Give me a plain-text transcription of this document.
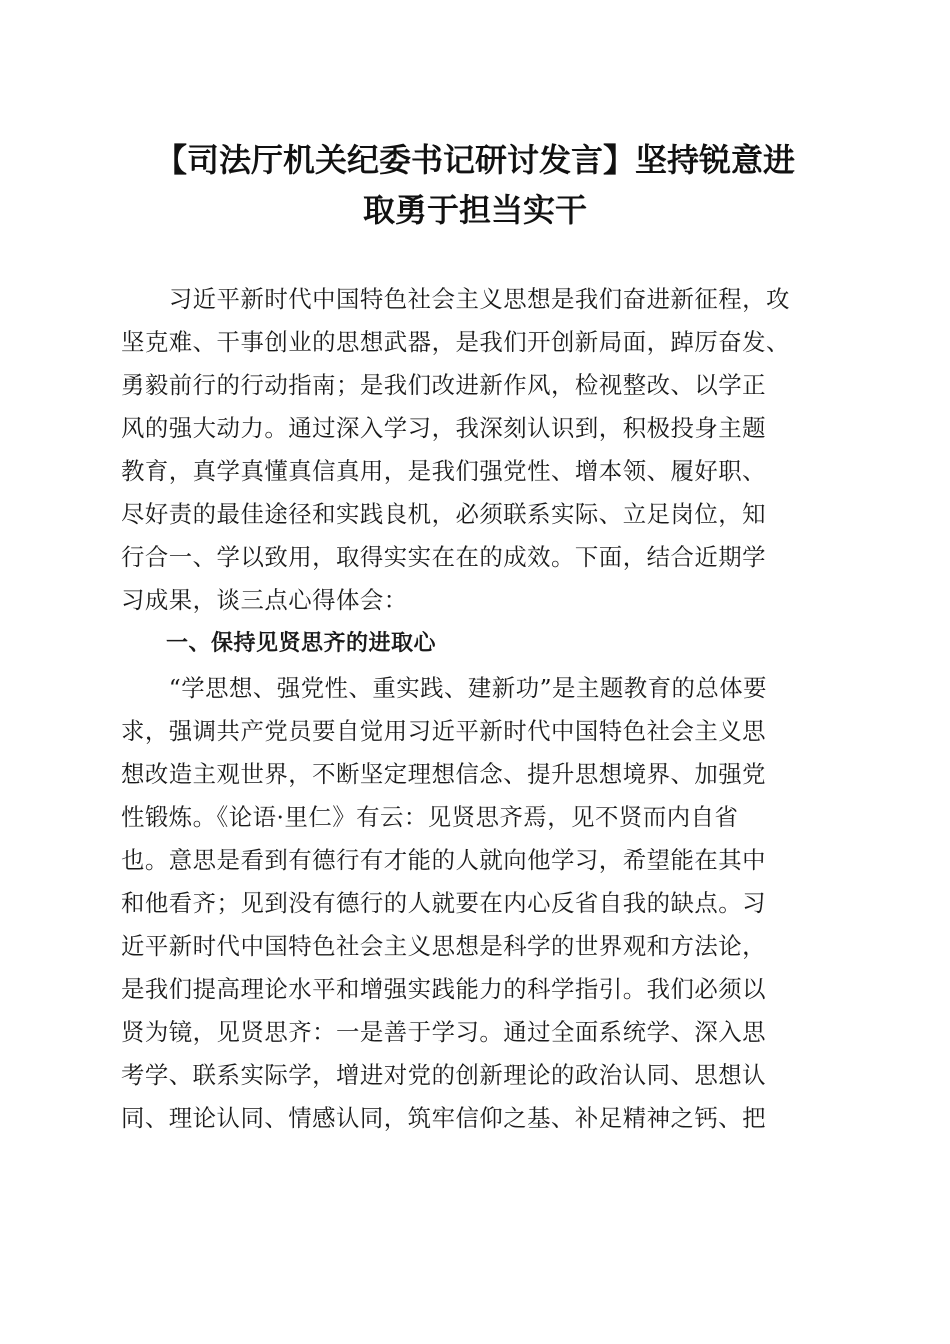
【司法厅机关纪委书记研讨发言】坚持锐意进
取勇于担当实干
　　习近平新时代中国特色社会主义思想是我们奋进新征程，攻
坚克难、干事创业的思想武器，是我们开创新局面，踔厉奋发、
勇毅前行的行动指南；是我们改进新作风，检视整改、以学正
风的强大动力。通过深入学习，我深刻认识到，积极投身主题
教育，真学真懂真信真用，是我们强党性、增本领、履好职、
尽好责的最佳途径和实践良机，必须联系实际、立足岗位，知
行合一、学以致用，取得实实在在的成效。下面，结合近期学
习成果，谈三点心得体会：
　　一、保持见贤思齐的进取心
　　“学思想、强党性、重实践、建新功”是主题教育的总体要
求，强调共产党员要自觉用习近平新时代中国特色社会主义思
想改造主观世界，不断坚定理想信念、提升思想境界、加强党
性锻炼。《论语·里仁》有云：见贤思齐焉，见不贤而内自省
也。意思是看到有德行有才能的人就向他学习，希望能在其中
和他看齐；见到没有德行的人就要在内心反省自我的缺点。习
近平新时代中国特色社会主义思想是科学的世界观和方法论，
是我们提高理论水平和增强实践能力的科学指引。我们必须以
贤为镜，见贤思齐：一是善于学习。通过全面系统学、深入思
考学、联系实际学，增进对党的创新理论的政治认同、思想认
同、理论认同、情感认同，筑牢信仰之基、补足精神之钙、把
